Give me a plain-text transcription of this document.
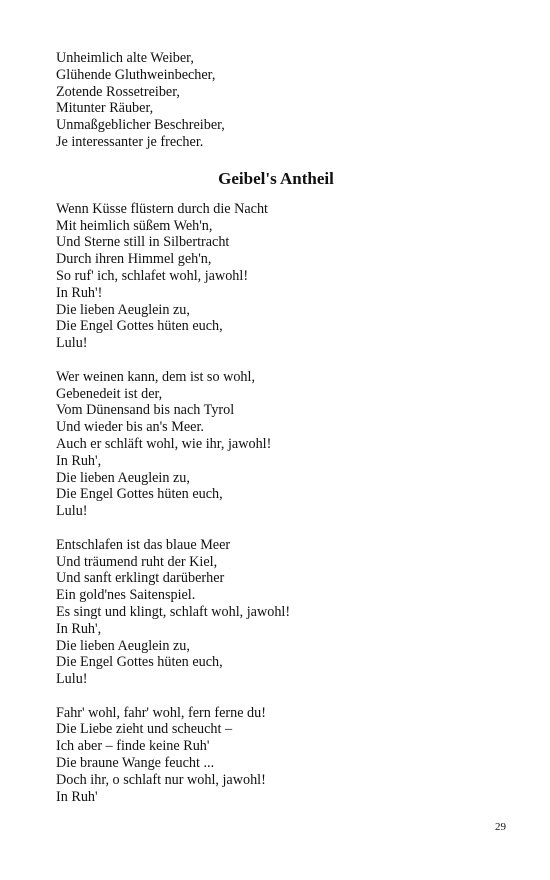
Unheimlich alte Weiber,
Glühende Gluthweinbecher,
Zotende Rossetreiber,
Mitunter Räuber,
Unmaßgeblicher Beschreiber,
Je interessanter je frecher.

Geibel's Antheil

Wenn Küsse flüstern durch die Nacht
Mit heimlich süßem Weh'n,
Und Sterne still in Silbertracht
Durch ihren Himmel geh'n,
So ruf' ich, schlafet wohl, jawohl!
In Ruh'!
Die lieben Aeuglein zu,
Die Engel Gottes hüten euch,
Lulu!

Wer weinen kann, dem ist so wohl,
Gebenedeit ist der,
Vom Dünensand bis nach Tyrol
Und wieder bis an's Meer.
Auch er schläft wohl, wie ihr, jawohl!
In Ruh',
Die lieben Aeuglein zu,
Die Engel Gottes hüten euch,
Lulu!

Entschlafen ist das blaue Meer
Und träumend ruht der Kiel,
Und sanft erklingt darüberher
Ein gold'nes Saitenspiel.
Es singt und klingt, schlaft wohl, jawohl!
In Ruh',
Die lieben Aeuglein zu,
Die Engel Gottes hüten euch,
Lulu!

Fahr' wohl, fahr' wohl, fern ferne du!
Die Liebe zieht und scheucht –
Ich aber – finde keine Ruh'
Die braune Wange feucht ...
Doch ihr, o schlaft nur wohl, jawohl!
In Ruh'

29
